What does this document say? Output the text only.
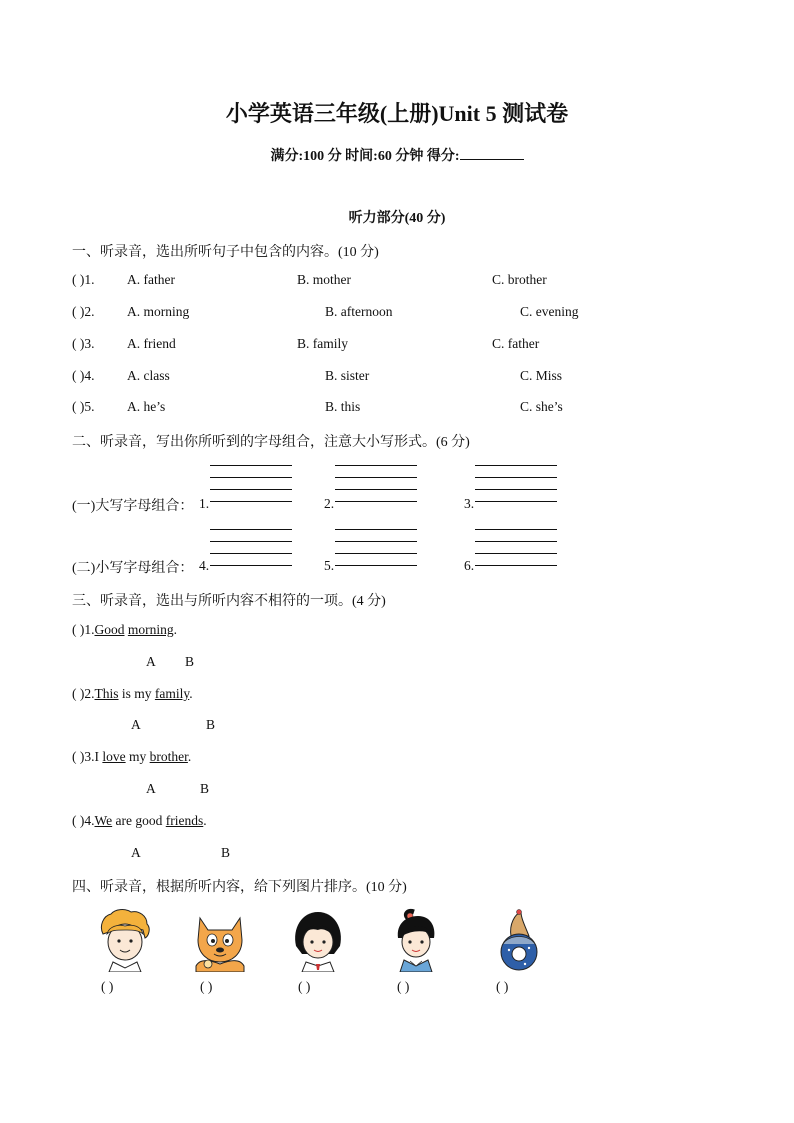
小学英语三年级(上册)Unit 5 测试卷
满分:100 分 时间:60 分钟 得分:
听力部分(40 分)
一、听录音，选出所听句子中包含的内容。(10 分)
( )1. A. father	B. mother	C. brother
( )2. A. morning	B. afternoon	C. evening
( )3. A. friend	B. family	C. father
( )4. A. class	B. sister	C. Miss
( )5. A. he’s	B. this	C. she’s
二、听录音，写出你所听到的字母组合，注意大小写形式。(6 分)
(一)大写字母组合： 1.	2.	3.
(二)小写字母组合： 4.	5.	6.
三、听录音，选出与所听内容不相符的一项。(4 分)
( )1.Good morning.
A B
( )2.This is my family.
A	B
( )3.I love my brother.
A	B
( )4.We are good friends.
A	B
四、听录音，根据所听内容，给下列图片排序。(10 分)
( )	( )	( )	( )	( )
